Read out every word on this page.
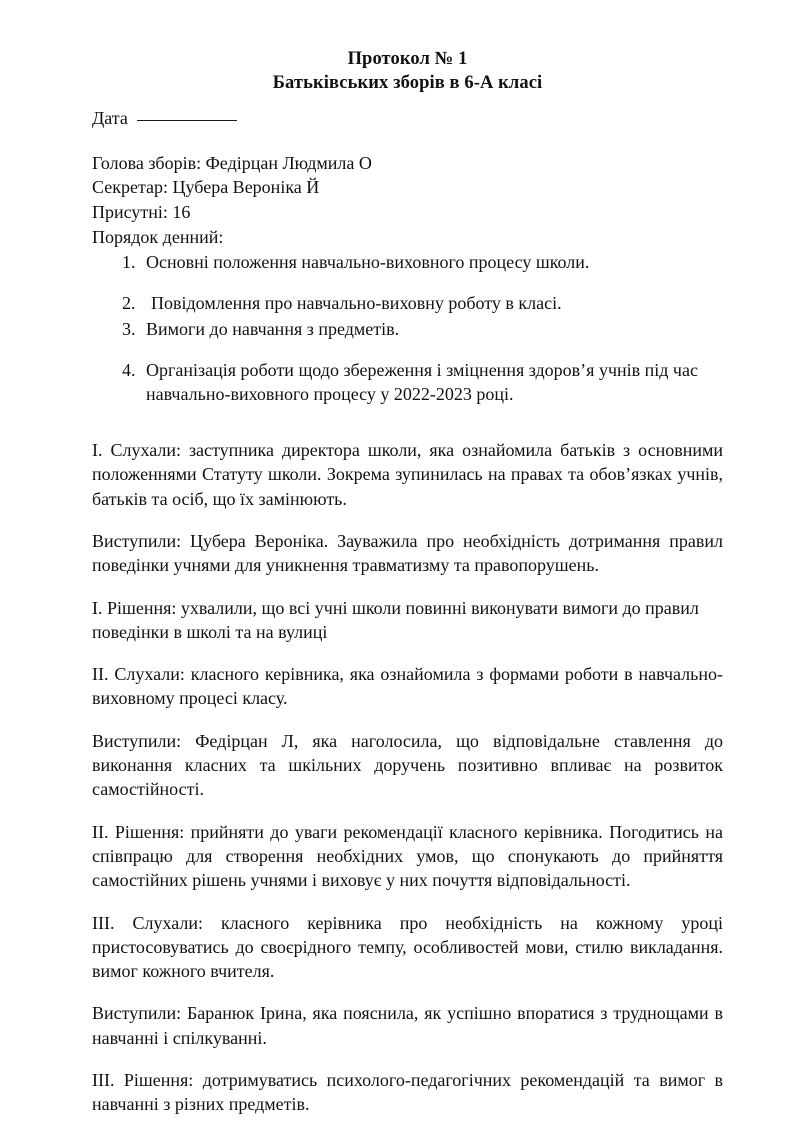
Протокол № 1
Батьківських зборів в 6-А класі
Дата
Голова зборів: Федірцан Людмила О
Секретар: Цубера Вероніка Й
Присутні: 16
Порядок денний:
1. Основні положення навчально-виховного процесу школи.
2. Повідомлення про навчально-виховну роботу в класі.
3. Вимоги до навчання з предметів.
4. Організація роботи щодо збереження і зміцнення здоров’я учнів під час навчально-виховного процесу у 2022-2023 році.

I. Слухали: заступника директора школи, яка ознайомила батьків з основними положеннями Статуту школи. Зокрема зупинилась на правах та обов’язках учнів, батьків та осіб, що їх замінюють.

Виступили: Цубера Вероніка. Зауважила про необхідність дотримання правил поведінки учнями для уникнення травматизму та правопорушень.

I. Рішення: ухвалили, що всі учні школи повинні виконувати вимоги до правил поведінки в школі та на вулиці

II. Слухали: класного керівника, яка ознайомила з формами роботи в навчально-виховному процесі класу.

Виступили: Федірцан Л, яка наголосила, що відповідальне ставлення до виконання класних та шкільних доручень позитивно впливає на розвиток самостійності.

II. Рішення: прийняти до уваги рекомендації класного керівника. Погодитись на співпрацю для створення необхідних умов, що спонукають до прийняття самостійних рішень учнями і виховує у них почуття відповідальності.

III. Слухали: класного керівника про необхідність на кожному уроці пристосовуватись до своєрідного темпу, особливостей мови, стилю викладання. вимог кожного вчителя.

Виступили: Баранюк Ірина, яка пояснила, як успішно впоратися з труднощами в навчанні і спілкуванні.

III. Рішення: дотримуватись психолого-педагогічних рекомендацій та вимог в навчанні з різних предметів.
